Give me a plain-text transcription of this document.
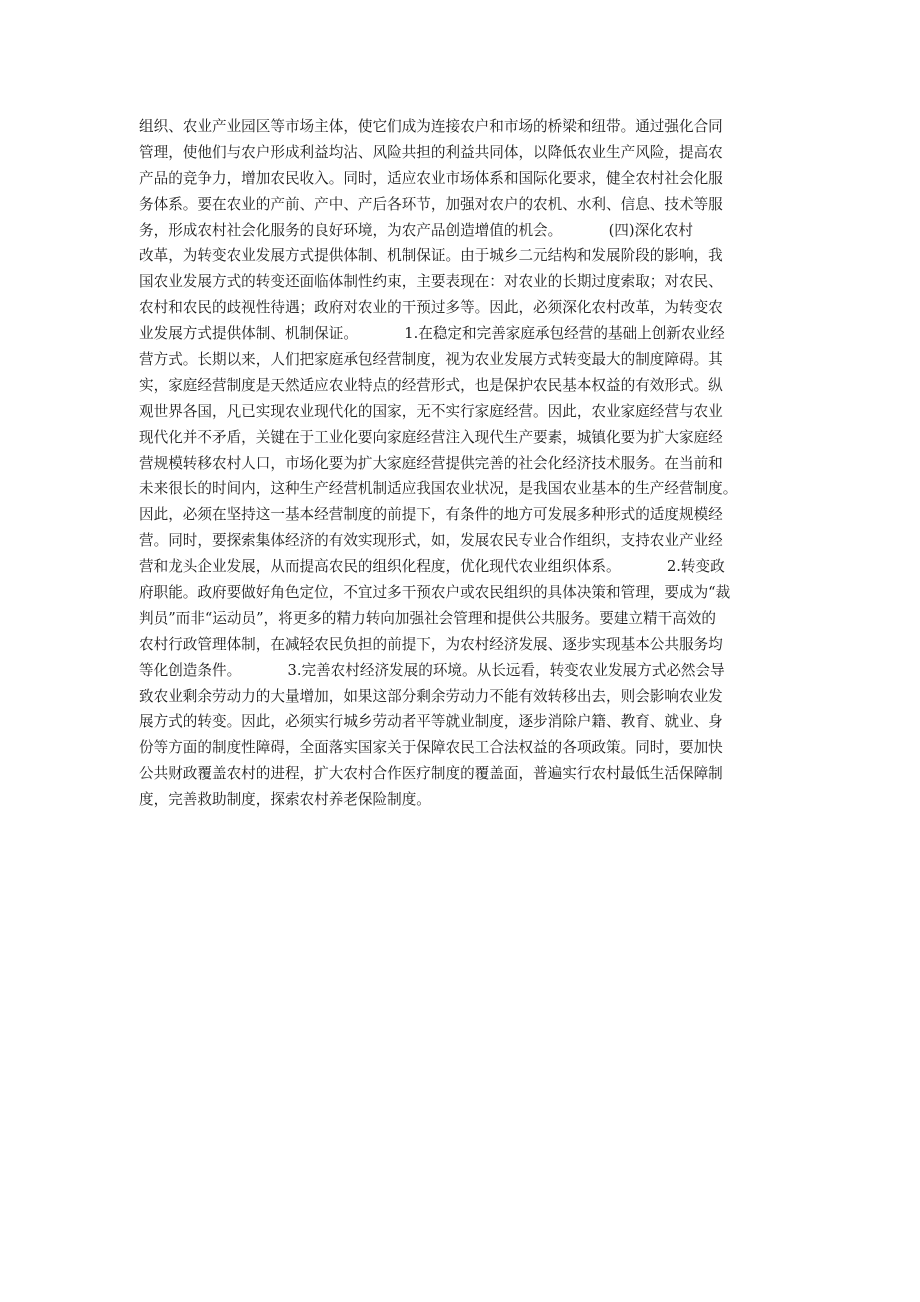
组织、农业产业园区等市场主体，使它们成为连接农户和市场的桥梁和纽带。通过强化合同
管理，使他们与农户形成利益均沾、风险共担的利益共同体，以降低农业生产风险，提高农
产品的竞争力，增加农民收入。同时，适应农业市场体系和国际化要求，健全农村社会化服
务体系。要在农业的产前、产中、产后各环节，加强对农户的农机、水利、信息、技术等服
务，形成农村社会化服务的良好环境，为农产品创造增值的机会。          (四)深化农村
改革，为转变农业发展方式提供体制、机制保证。由于城乡二元结构和发展阶段的影响，我
国农业发展方式的转变还面临体制性约束，主要表现在：对农业的长期过度索取；对农民、
农村和农民的歧视性待遇；政府对农业的干预过多等。因此，必须深化农村改革，为转变农
业发展方式提供体制、机制保证。          1.在稳定和完善家庭承包经营的基础上创新农业经
营方式。长期以来，人们把家庭承包经营制度，视为农业发展方式转变最大的制度障碍。其
实，家庭经营制度是天然适应农业特点的经营形式，也是保护农民基本权益的有效形式。纵
观世界各国，凡已实现农业现代化的国家，无不实行家庭经营。因此，农业家庭经营与农业
现代化并不矛盾，关键在于工业化要向家庭经营注入现代生产要素，城镇化要为扩大家庭经
营规模转移农村人口，市场化要为扩大家庭经营提供完善的社会化经济技术服务。在当前和
未来很长的时间内，这种生产经营机制适应我国农业状况，是我国农业基本的生产经营制度。
因此，必须在坚持这一基本经营制度的前提下，有条件的地方可发展多种形式的适度规模经
营。同时，要探索集体经济的有效实现形式，如，发展农民专业合作组织，支持农业产业经
营和龙头企业发展，从而提高农民的组织化程度，优化现代农业组织体系。          2.转变政
府职能。政府要做好角色定位，不宜过多干预农户或农民组织的具体决策和管理，要成为“裁
判员”而非“运动员”，将更多的精力转向加强社会管理和提供公共服务。要建立精干高效的
农村行政管理体制，在减轻农民负担的前提下，为农村经济发展、逐步实现基本公共服务均
等化创造条件。          3.完善农村经济发展的环境。从长远看，转变农业发展方式必然会导
致农业剩余劳动力的大量增加，如果这部分剩余劳动力不能有效转移出去，则会影响农业发
展方式的转变。因此，必须实行城乡劳动者平等就业制度，逐步消除户籍、教育、就业、身
份等方面的制度性障碍，全面落实国家关于保障农民工合法权益的各项政策。同时，要加快
公共财政覆盖农村的进程，扩大农村合作医疗制度的覆盖面，普遍实行农村最低生活保障制
度，完善救助制度，探索农村养老保险制度。
